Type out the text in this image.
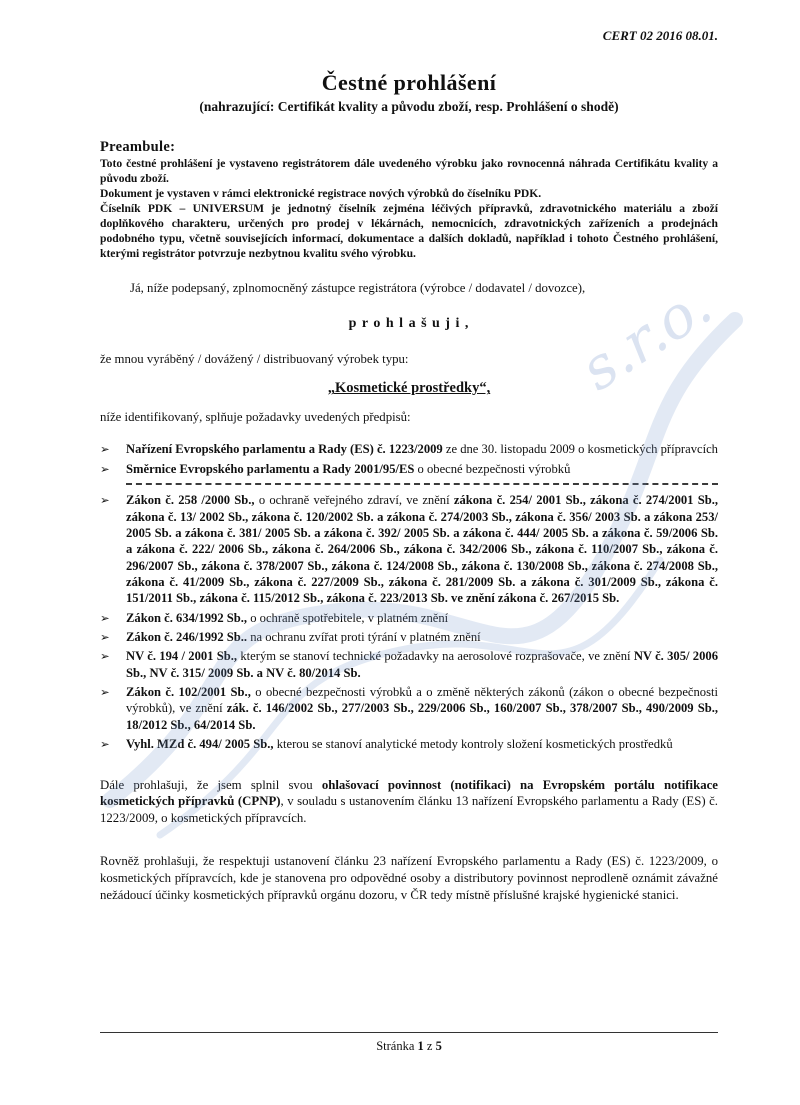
CERT 02 2016 08.01.
Čestné prohlášení
(nahrazující: Certifikát kvality a původu zboží, resp. Prohlášení o shodě)
Preambule:

Toto čestné prohlášení je vystaveno registrátorem dále uvedeného výrobku jako rovnocenná náhrada Certifikátu kvality a původu zboží.

Dokument je vystaven v rámci elektronické registrace nových výrobků do číselníku PDK.

Číselník PDK – UNIVERSUM je jednotný číselník zejména léčivých přípravků, zdravotnického materiálu a zboží doplňkového charakteru, určených pro prodej v lékárnách, nemocnicích, zdravotnických zařízeních a prodejnách podobného typu, včetně souvisejících informací, dokumentace a dalších dokladů, například i tohoto Čestného prohlášení, kterými registrátor potvrzuje nezbytnou kvalitu svého výrobku.

Já, níže podepsaný, zplnomocněný zástupce registrátora (výrobce / dodavatel / dovozce),
p r o h l a š u j i ,
že mnou vyráběný / dovážený / distribuovaný výrobek typu:
„Kosmetické prostředky“,
níže identifikovaný, splňuje požadavky uvedených předpisů:
➢	Nařízení Evropského parlamentu a Rady (ES) č. 1223/2009 ze dne 30. listopadu 2009 o kosmetických přípravcích
➢	Směrnice Evropského parlamentu a Rady 2001/95/ES o obecné bezpečnosti výrobků
➢	Zákon č. 258 /2000 Sb., o ochraně veřejného zdraví, ve znění zákona č. 254/ 2001 Sb., zákona č. 274/2001 Sb., zákona č. 13/ 2002 Sb., zákona č. 120/2002 Sb. a zákona č. 274/2003 Sb., zákona č. 356/ 2003 Sb. a zákona 253/ 2005 Sb. a zákona č. 381/ 2005 Sb. a zákona č. 392/ 2005 Sb. a zákona č. 444/ 2005 Sb. a zákona č. 59/2006 Sb. a zákona č. 222/ 2006 Sb., zákona č. 264/2006 Sb., zákona č. 342/2006 Sb., zákona č. 110/2007 Sb., zákona č. 296/2007 Sb., zákona č. 378/2007 Sb., zákona č. 124/2008 Sb., zákona č. 130/2008 Sb., zákona č. 274/2008 Sb., zákona č. 41/2009 Sb., zákona č. 227/2009 Sb., zákona č. 281/2009 Sb. a zákona č. 301/2009 Sb., zákona č. 151/2011 Sb., zákona č. 115/2012 Sb., zákona č. 223/2013 Sb. ve znění zákona č. 267/2015 Sb.
➢	Zákon č. 634/1992 Sb., o ochraně spotřebitele, v platném znění
➢	Zákon č. 246/1992 Sb.. na ochranu zvířat proti týrání v platném znění
➢	NV č. 194 / 2001 Sb., kterým se stanoví technické požadavky na aerosolové rozprašovače, ve znění NV č. 305/ 2006 Sb., NV č. 315/ 2009 Sb. a NV č. 80/2014 Sb.
➢	Zákon č. 102/2001 Sb., o obecné bezpečnosti výrobků a o změně některých zákonů (zákon o obecné bezpečnosti výrobků), ve znění zák. č. 146/2002 Sb., 277/2003 Sb., 229/2006 Sb., 160/2007 Sb., 378/2007 Sb., 490/2009 Sb., 18/2012 Sb., 64/2014 Sb.
➢	Vyhl. MZd č. 494/ 2005 Sb., kterou se stanoví analytické metody kontroly složení kosmetických prostředků

Dále prohlašuji, že jsem splnil svou ohlašovací povinnost (notifikaci) na Evropském portálu notifikace kosmetických přípravků (CPNP), v souladu s ustanovením článku 13 nařízení Evropského parlamentu a Rady (ES) č. 1223/2009, o kosmetických přípravcích.

Rovněž prohlašuji, že respektuji ustanovení článku 23 nařízení Evropského parlamentu a Rady (ES) č. 1223/2009, o kosmetických přípravcích, kde je stanovena pro odpovědné osoby a distributory povinnost neprodleně oznámit závažné nežádoucí účinky kosmetických přípravků orgánu dozoru, v ČR tedy místně příslušné krajské hygienické stanici.

Stránka 1 z 5
s.r.o.
